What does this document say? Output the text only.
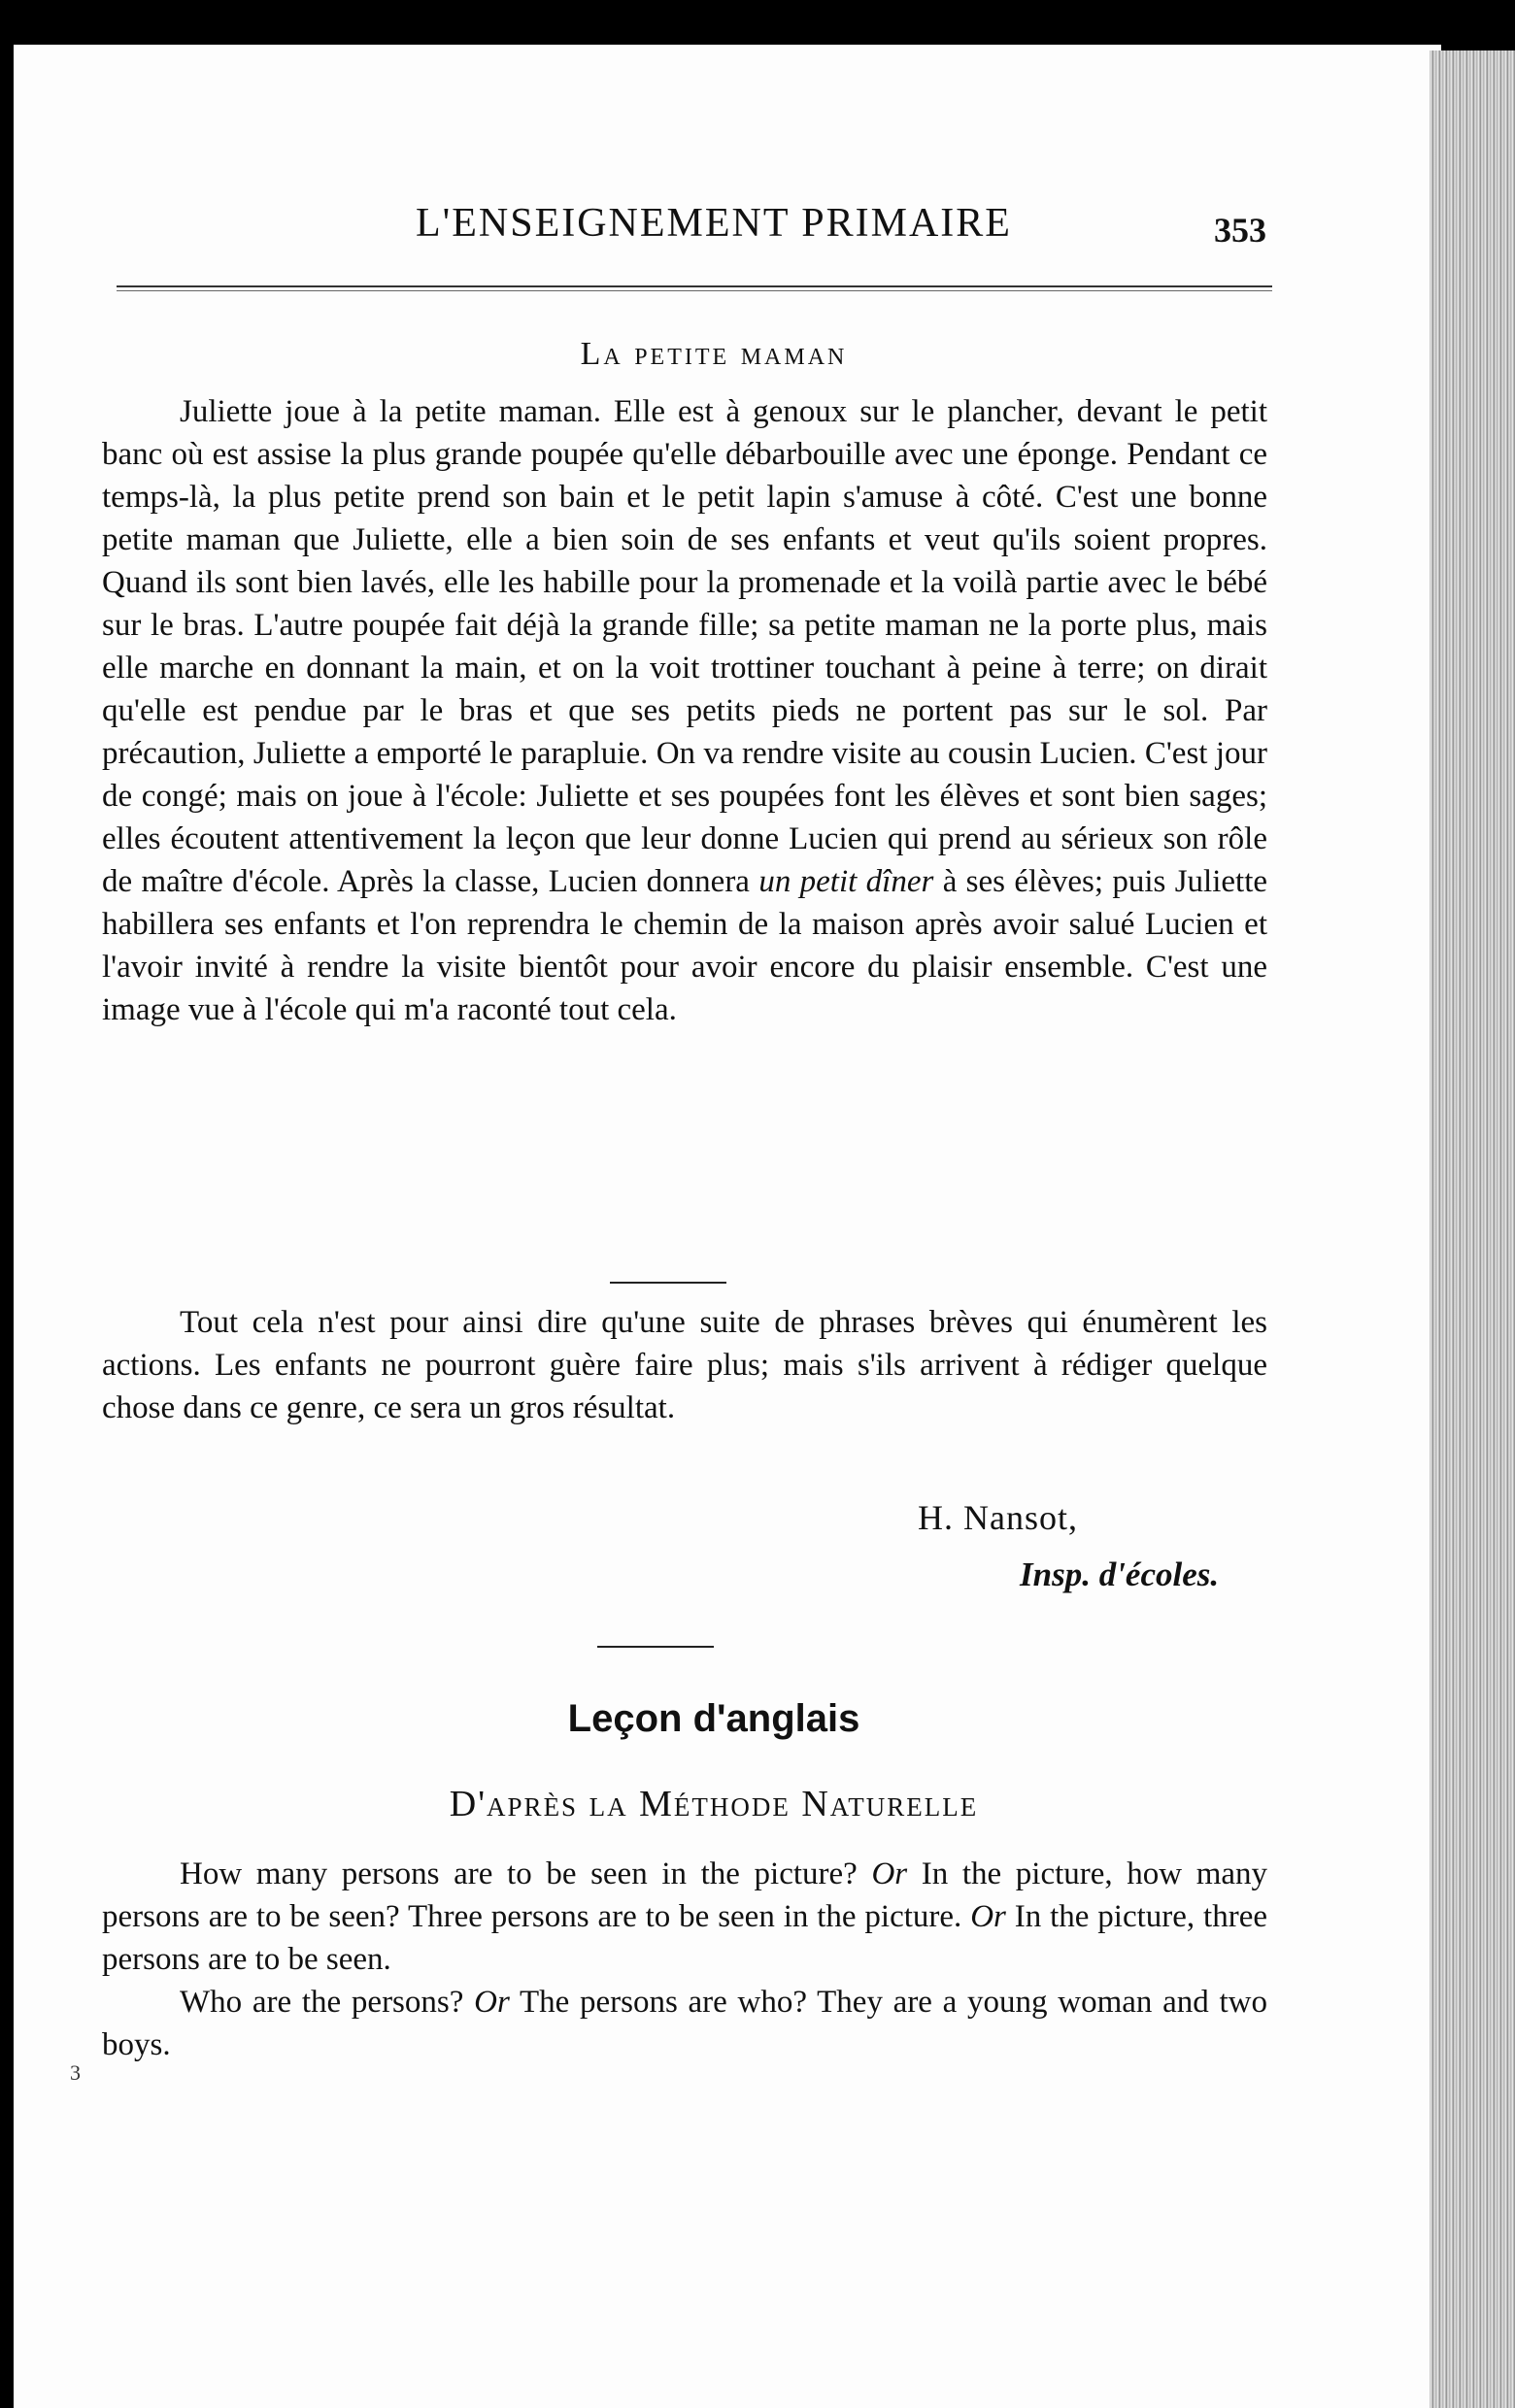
L'ENSEIGNEMENT PRIMAIRE	353
La petite maman

Juliette joue à la petite maman. Elle est à genoux sur le plancher, devant le petit banc où est assise la plus grande poupée qu'elle débarbouille avec une éponge. Pendant ce temps-là, la plus petite prend son bain et le petit lapin s'amuse à côté. C'est une bonne petite maman que Juliette, elle a bien soin de ses enfants et veut qu'ils soient propres. Quand ils sont bien lavés, elle les habille pour la promenade et la voilà partie avec le bébé sur le bras. L'autre poupée fait déjà la grande fille; sa petite maman ne la porte plus, mais elle marche en donnant la main, et on la voit trottiner touchant à peine à terre; on dirait qu'elle est pendue par le bras et que ses petits pieds ne portent pas sur le sol. Par précaution, Juliette a emporté le parapluie. On va rendre visite au cousin Lucien. C'est jour de congé; mais on joue à l'école: Juliette et ses poupées font les élèves et sont bien sages; elles écoutent attentivement la leçon que leur donne Lucien qui prend au sérieux son rôle de maître d'école. Après la classe, Lucien donnera un petit dîner à ses élèves; puis Juliette habillera ses enfants et l'on reprendra le chemin de la maison après avoir salué Lucien et l'avoir invité à rendre la visite bientôt pour avoir encore du plaisir ensemble. C'est une image vue à l'école qui m'a raconté tout cela.

Tout cela n'est pour ainsi dire qu'une suite de phrases brèves qui énumèrent les actions. Les enfants ne pourront guère faire plus; mais s'ils arrivent à rédiger quelque chose dans ce genre, ce sera un gros résultat.

H. Nansot,
Insp. d'écoles.
Leçon d'anglais
D'après la Méthode Naturelle

How many persons are to be seen in the picture? Or In the picture, how many persons are to be seen? Three persons are to be seen in the picture. Or In the picture, three persons are to be seen.

Who are the persons? Or The persons are who? They are a young woman and two boys.

3
